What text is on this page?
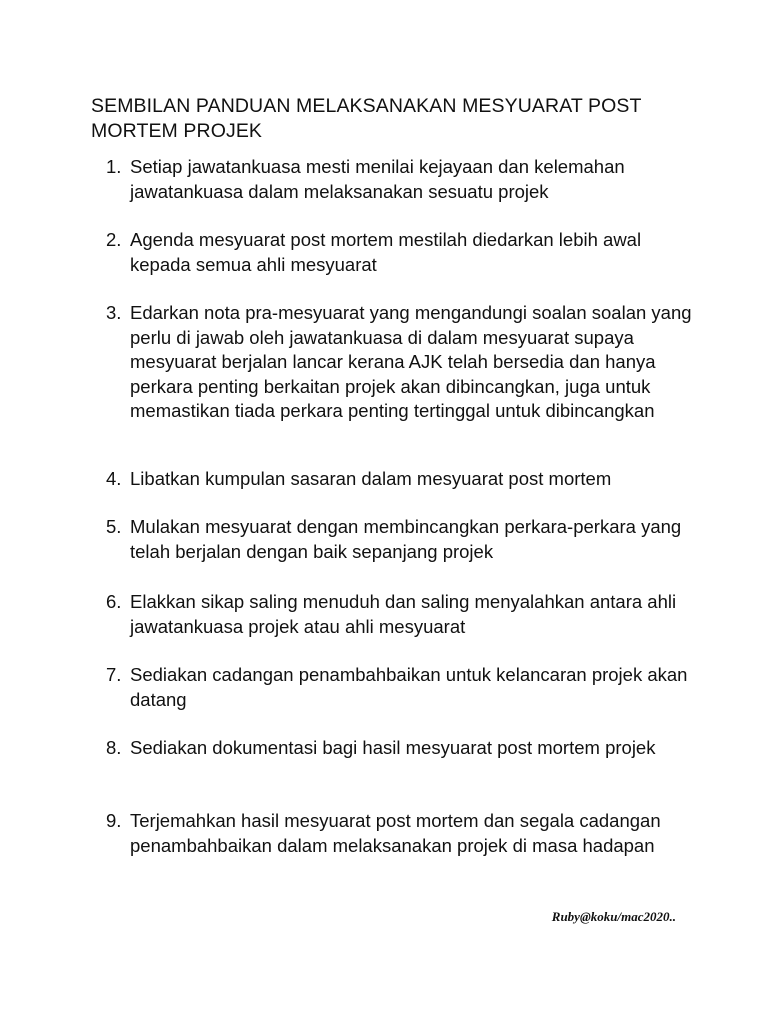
SEMBILAN PANDUAN MELAKSANAKAN MESYUARAT POST MORTEM PROJEK
1. Setiap jawatankuasa mesti menilai kejayaan dan kelemahan jawatankuasa dalam melaksanakan sesuatu projek
2. Agenda mesyuarat post mortem mestilah diedarkan lebih awal kepada semua ahli mesyuarat
3. Edarkan nota pra-mesyuarat yang mengandungi soalan soalan yang perlu di jawab oleh jawatankuasa di dalam mesyuarat supaya mesyuarat berjalan lancar kerana AJK telah bersedia dan hanya perkara penting berkaitan projek akan dibincangkan, juga untuk memastikan tiada perkara penting tertinggal untuk dibincangkan
4. Libatkan kumpulan sasaran dalam mesyuarat post mortem
5. Mulakan mesyuarat dengan membincangkan perkara-perkara yang telah berjalan dengan baik sepanjang projek
6. Elakkan sikap saling menuduh dan saling menyalahkan antara ahli jawatankuasa projek atau ahli mesyuarat
7. Sediakan cadangan penambahbaikan untuk kelancaran projek akan datang
8. Sediakan dokumentasi bagi hasil mesyuarat post mortem projek
9. Terjemahkan hasil mesyuarat post mortem dan segala cadangan penambahbaikan dalam melaksanakan projek di masa hadapan
Ruby@koku/mac2020..
